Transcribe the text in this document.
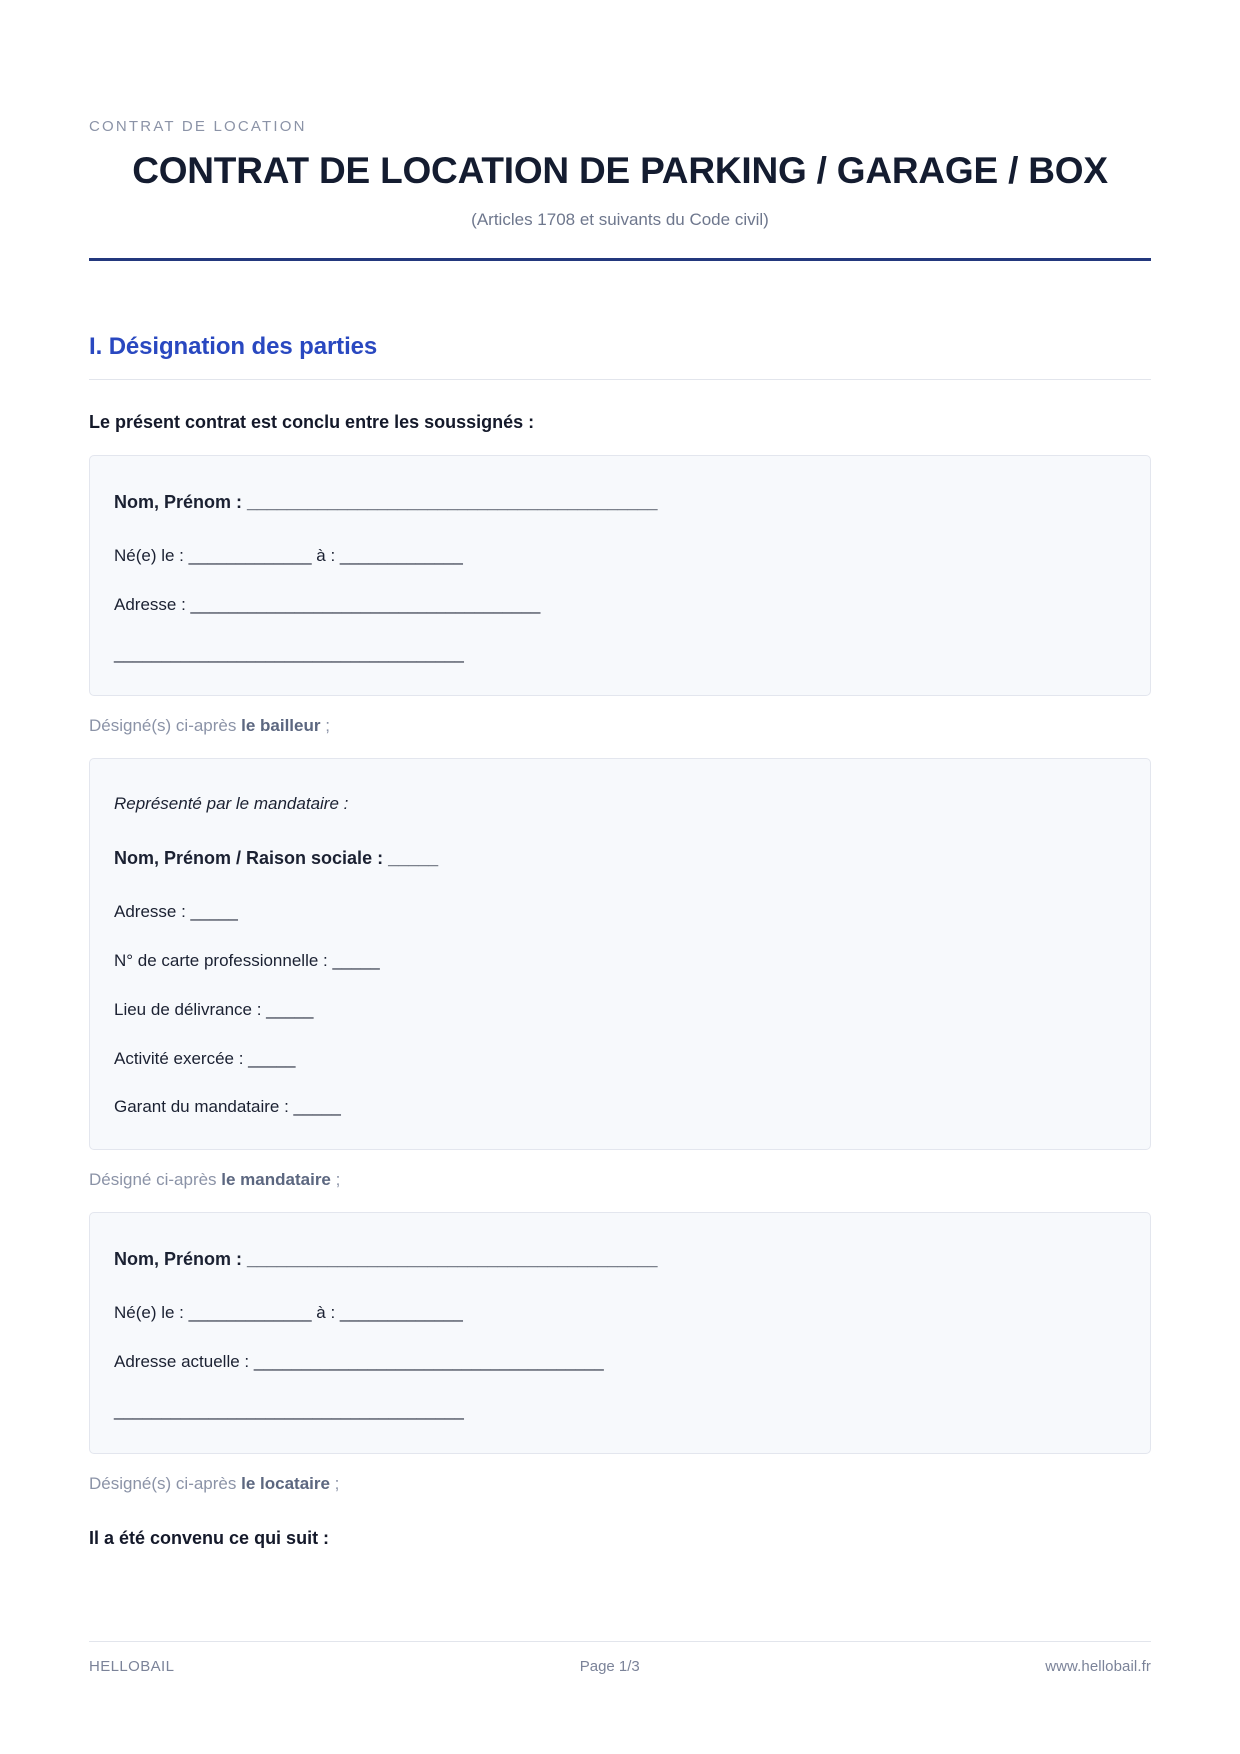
CONTRAT DE LOCATION
CONTRAT DE LOCATION DE PARKING / GARAGE / BOX
(Articles 1708 et suivants du Code civil)
I. Désignation des parties

Le présent contrat est conclu entre les soussignés :

Nom, Prénom : _________________________________________

Né(e) le : _____________ à : _____________

Adresse : _____________________________________

_____________________________________

Désigné(s) ci-après le bailleur ;

Représenté par le mandataire :

Nom, Prénom / Raison sociale : _____

Adresse : _____

N° de carte professionnelle : _____

Lieu de délivrance : _____

Activité exercée : _____

Garant du mandataire : _____

Désigné ci-après le mandataire ;

Nom, Prénom : _________________________________________

Né(e) le : _____________ à : _____________

Adresse actuelle : _____________________________________

_____________________________________

Désigné(s) ci-après le locataire ;

Il a été convenu ce qui suit :

HELLOBAIL	Page 1/3	www.hellobail.fr
